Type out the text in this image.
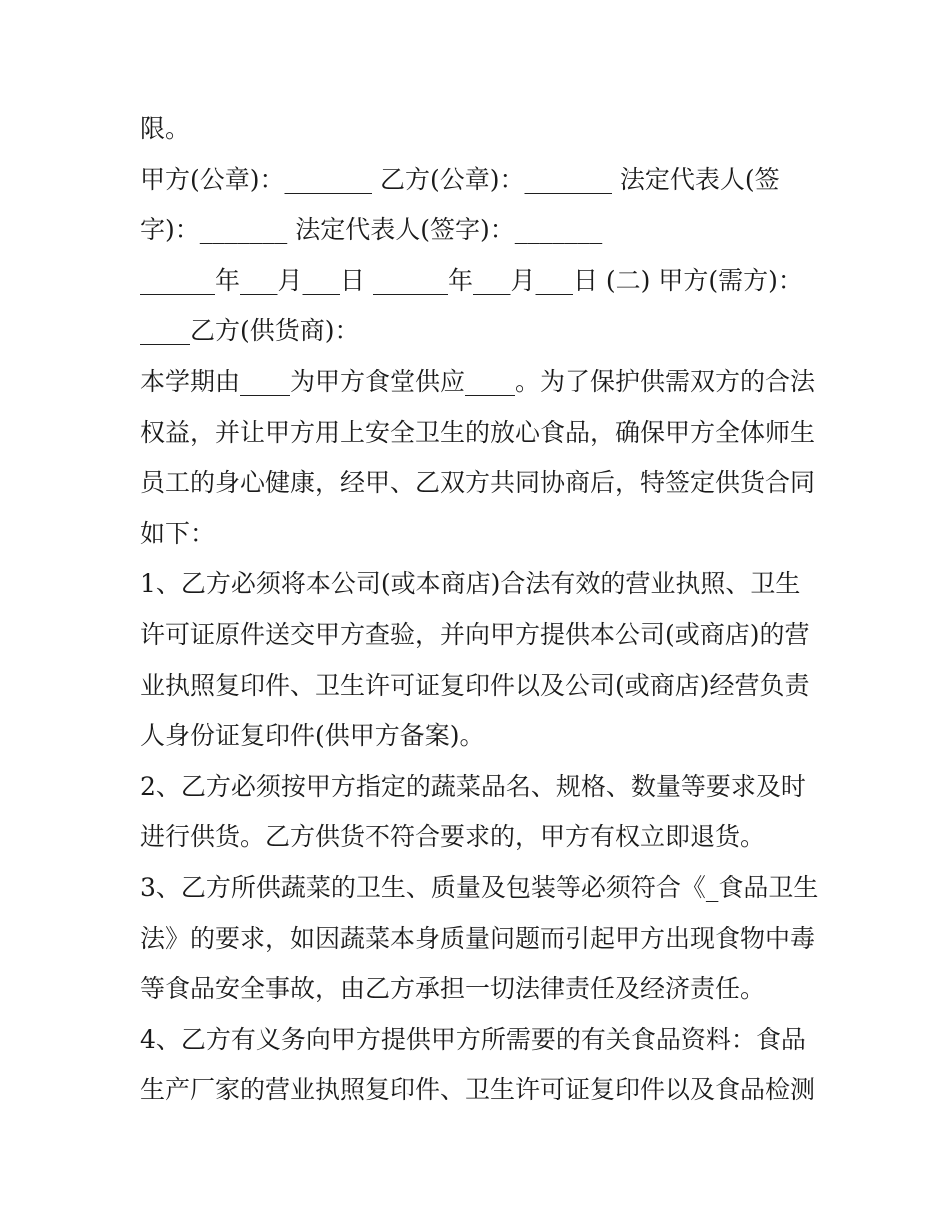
限。
甲方(公章)：_______ 乙方(公章)：_______ 法定代表人(签
字)：_______ 法定代表人(签字)：_______
______年___月___日 ______年___月___日 (二) 甲方(需方)：
____乙方(供货商)：
本学期由____为甲方食堂供应____。为了保护供需双方的合法
权益，并让甲方用上安全卫生的放心食品，确保甲方全体师生
员工的身心健康，经甲、乙双方共同协商后，特签定供货合同
如下：
1、乙方必须将本公司(或本商店)合法有效的营业执照、卫生
许可证原件送交甲方查验，并向甲方提供本公司(或商店)的营
业执照复印件、卫生许可证复印件以及公司(或商店)经营负责
人身份证复印件(供甲方备案)。
2、乙方必须按甲方指定的蔬菜品名、规格、数量等要求及时
进行供货。乙方供货不符合要求的，甲方有权立即退货。
3、乙方所供蔬菜的卫生、质量及包装等必须符合《_食品卫生
法》的要求，如因蔬菜本身质量问题而引起甲方出现食物中毒
等食品安全事故，由乙方承担一切法律责任及经济责任。
4、乙方有义务向甲方提供甲方所需要的有关食品资料：食品
生产厂家的营业执照复印件、卫生许可证复印件以及食品检测
